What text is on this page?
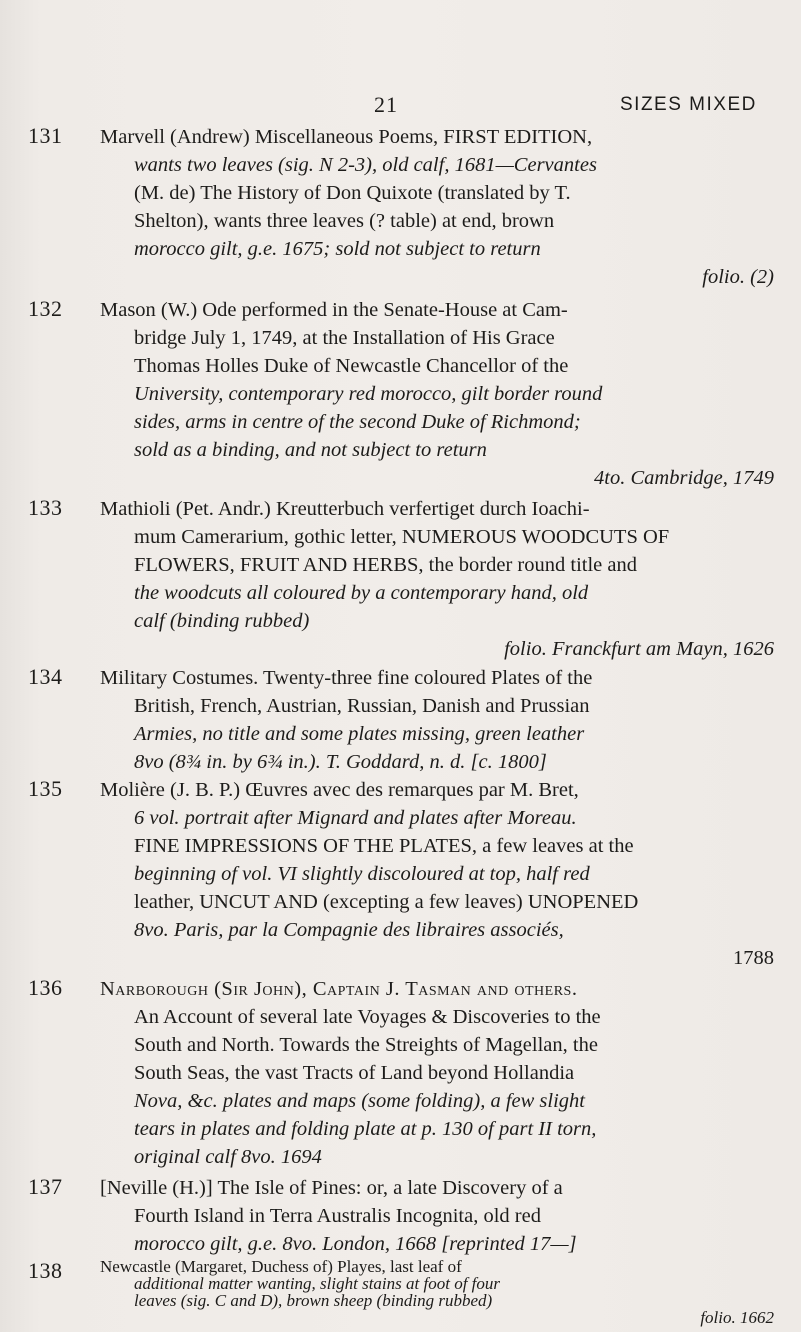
21	SIZES MIXED
131 Marvell (Andrew) Miscellaneous Poems, FIRST EDITION,
wants two leaves (sig. N 2-3), old calf, 1681—Cervantes
(M. de) The History of Don Quixote (translated by T.
Shelton), wants three leaves (? table) at end, brown
morocco gilt, g.e. 1675; sold not subject to return
folio. (2)
132 Mason (W.) Ode performed in the Senate-House at Cam-
bridge July 1, 1749, at the Installation of His Grace
Thomas Holles Duke of Newcastle Chancellor of the
University, contemporary red morocco, gilt border round
sides, arms in centre of the second Duke of Richmond;
sold as a binding, and not subject to return
4to. Cambridge, 1749
133 Mathioli (Pet. Andr.) Kreutterbuch verfertiget durch Ioachi-
mum Camerarium, gothic letter, NUMEROUS WOODCUTS OF
FLOWERS, FRUIT AND HERBS, the border round title and
the woodcuts all coloured by a contemporary hand, old
calf (binding rubbed)
folio. Franckfurt am Mayn, 1626
134 Military Costumes. Twenty-three fine coloured Plates of the
British, French, Austrian, Russian, Danish and Prussian
Armies, no title and some plates missing, green leather
8vo (8¾ in. by 6¾ in.). T. Goddard, n. d. [c. 1800]
135 Molière (J. B. P.) Œuvres avec des remarques par M. Bret,
6 vol. portrait after Mignard and plates after Moreau.
FINE IMPRESSIONS OF THE PLATES, a few leaves at the
beginning of vol. VI slightly discoloured at top, half red
leather, UNCUT AND (excepting a few leaves) UNOPENED
8vo. Paris, par la Compagnie des libraires associés,
1788
136 Narborough (Sir John), Captain J. Tasman and others.
An Account of several late Voyages & Discoveries to the
South and North. Towards the Streights of Magellan, the
South Seas, the vast Tracts of Land beyond Hollandia
Nova, &c. plates and maps (some folding), a few slight
tears in plates and folding plate at p. 130 of part II torn,
original calf 8vo. 1694
137 [Neville (H.)] The Isle of Pines: or, a late Discovery of a
Fourth Island in Terra Australis Incognita, old red
morocco gilt, g.e. 8vo. London, 1668 [reprinted 17—]
138 Newcastle (Margaret, Duchess of) Playes, last leaf of
additional matter wanting, slight stains at foot of four
leaves (sig. C and D), brown sheep (binding rubbed)
folio. 1662
